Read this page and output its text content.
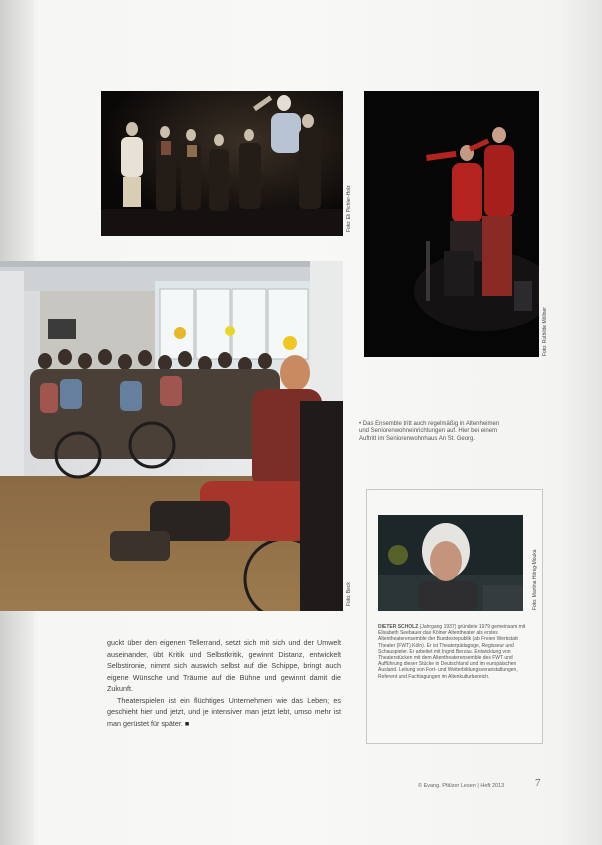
Foto: Eli Pichler-Holz
Foto: Ruthilde Möllner
Foto: Beck
• Das Ensemble tritt auch regelmäßig in Altenheimen und Seniorenwohneinrichtungen auf. Hier bei einem Auftritt im Seniorenwohnhaus An St. Georg.
Foto: Martina Hönig-Mouka
DIETER SCHOLZ (Jahrgang 1937) gründete 1979 gemeinsam mit Elisabeth Seebauer das Kölner Altentheater als erstes Altentheaterensemble der Bundesrepublik (ab Freien Werkstatt Theater (FWT) Köln). Er ist Theaterpädagoge, Regisseur und Schauspieler. Er arbeitet mit Ingrid Berzau. Entwicklung von Theaterstücken mit dem Altentheaterensemble des FWT und Aufführung dieser Stücke in Deutschland und im europäischen Ausland. Leitung von Fort- und Weiterbildungsveranstaltungen, Referent und Fachtagungen im Altenkulturbereich.

guckt über den eigenen Tellerrand, setzt sich mit sich und der Umwelt auseinander, übt Kritik und Selbstkritik, gewinnt Distanz, entwickelt Selbstironie, nimmt sich auswich selbst auf die Schippe, bringt auch eigene Wünsche und Träume auf die Bühne und gewinnt damit die Zukunft.

Theaterspielen ist ein flüchtiges Unternehmen wie das Leben; es geschieht hier und jetzt, und je intensiver man jetzt lebt, umso mehr ist man gerüstet für später. ■

© Evang. Pfälzer Lesen | Heft 2013	7
